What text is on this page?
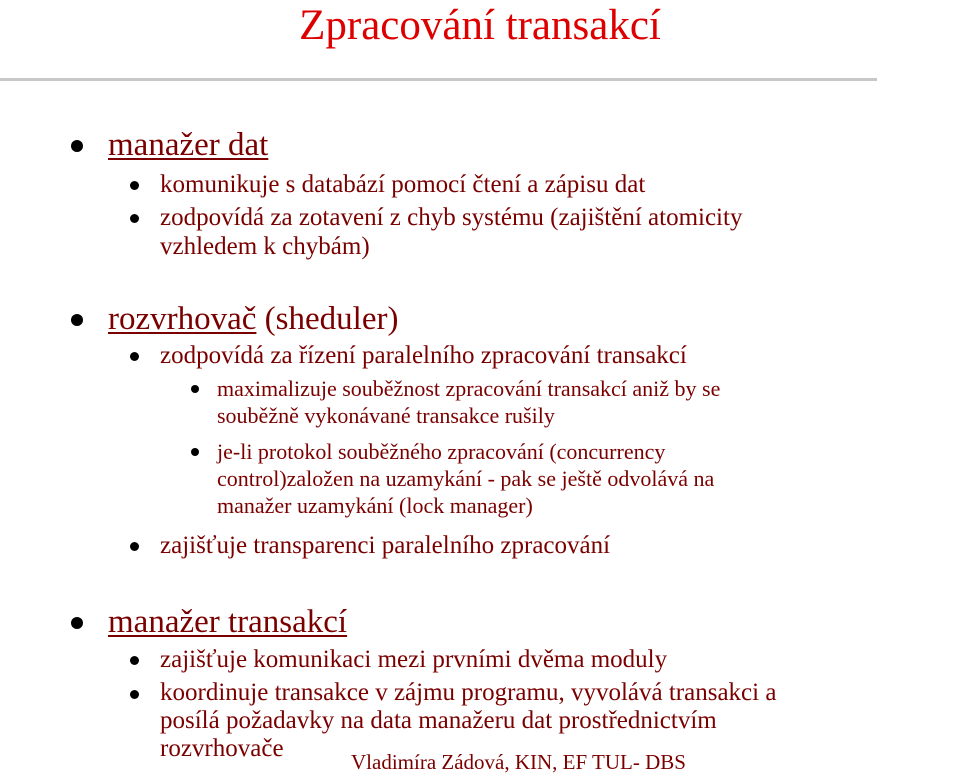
Zpracování transakcí
manažer dat
komunikuje s databází pomocí čtení a zápisu dat
zodpovídá za zotavení z chyb systému (zajištění atomicity
vzhledem k chybám)
rozvrhovač (sheduler)
zodpovídá za řízení paralelního zpracování transakcí
maximalizuje souběžnost zpracování transakcí aniž by se
souběžně vykonávané transakce rušily
je-li protokol souběžného zpracování (concurrency
control)založen na uzamykání - pak se ještě odvolává na
manažer uzamykání (lock manager)
zajišťuje transparenci paralelního zpracování
manažer transakcí
zajišťuje komunikaci mezi prvními dvěma moduly
koordinuje transakce v zájmu programu, vyvolává transakci a
posílá požadavky na data manažeru dat prostřednictvím
rozvrhovače	Vladimíra Zádová, KIN, EF TUL- DBS
